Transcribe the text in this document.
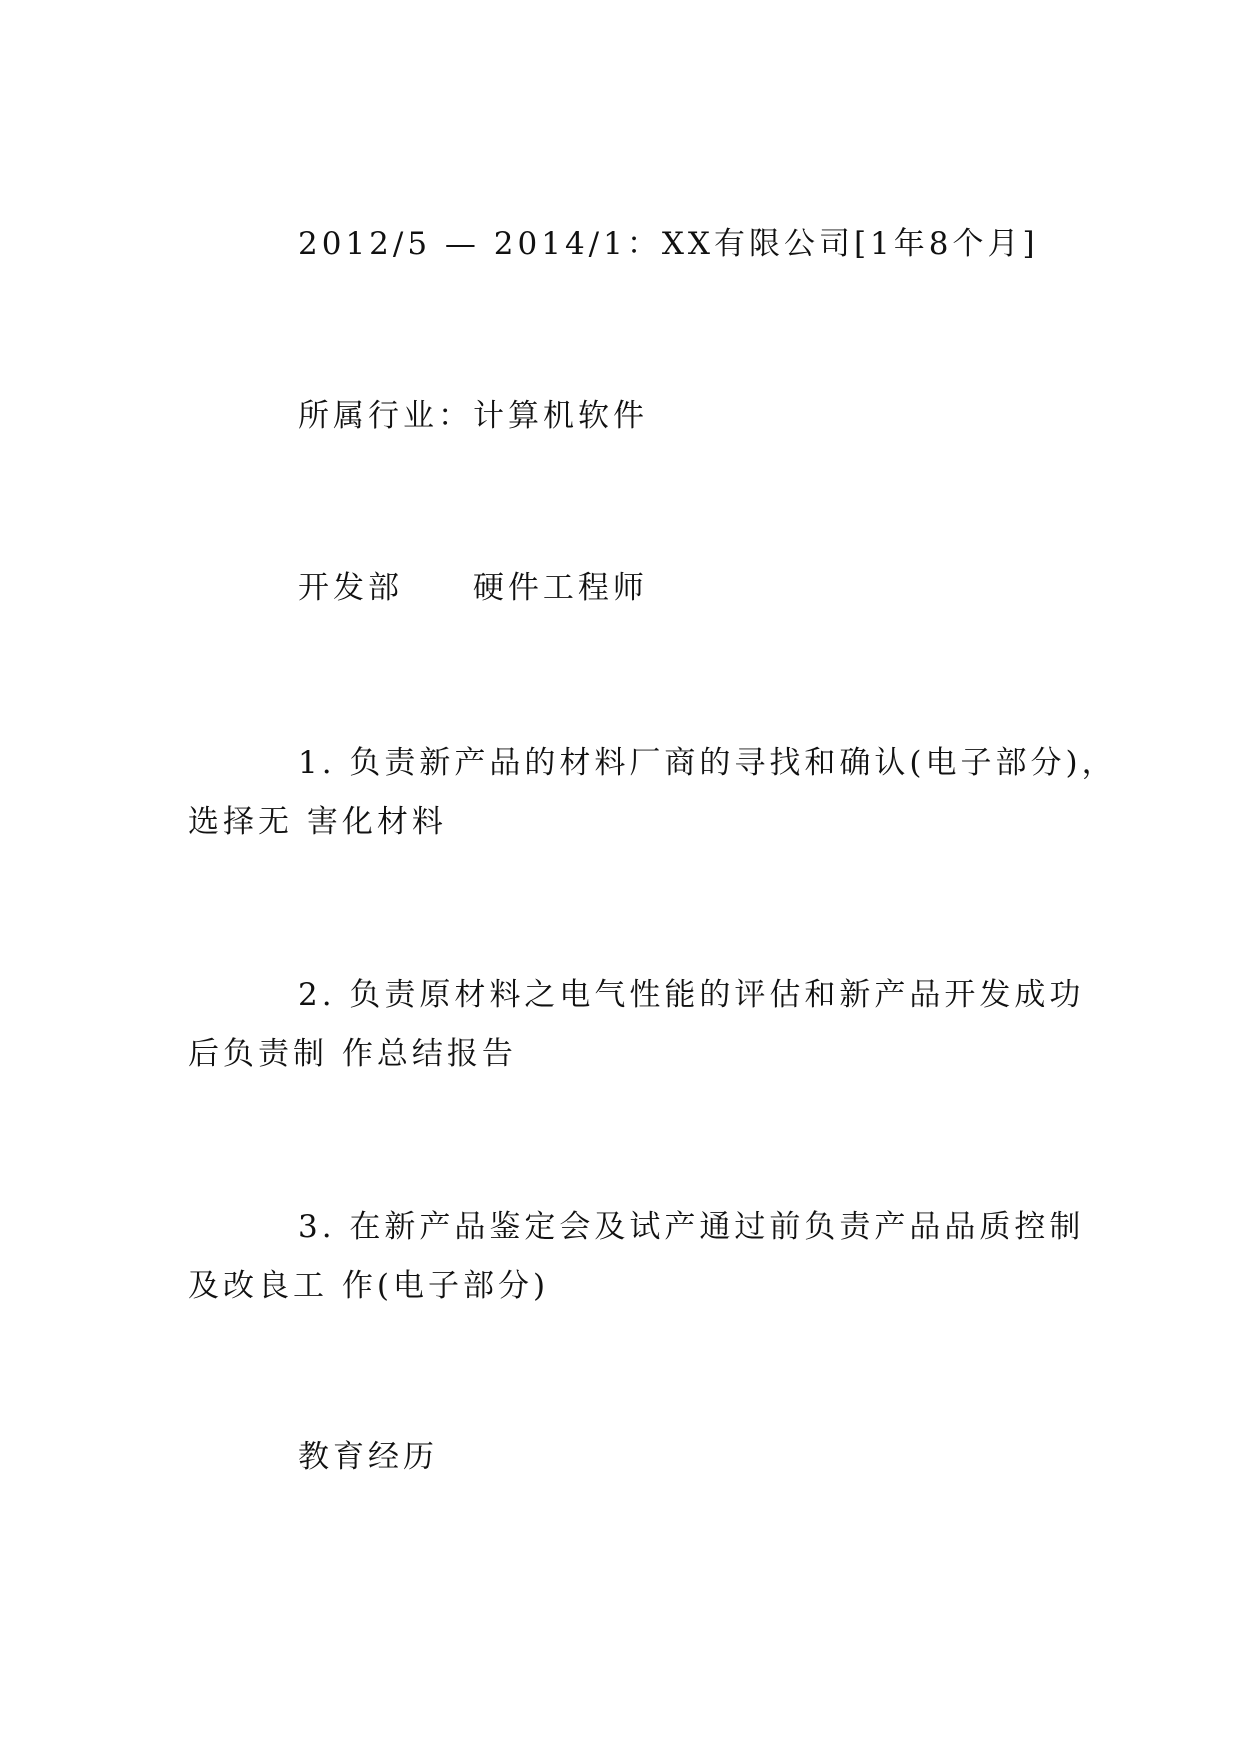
2012/5 — 2014/1：XX有限公司[1年8个月]
所属行业：计算机软件
开发部 硬件工程师
1. 负责新产品的材料厂商的寻找和确认(电子部分)，
选择无 害化材料
2. 负责原材料之电气性能的评估和新产品开发成功
后负责制 作总结报告
3. 在新产品鉴定会及试产通过前负责产品品质控制
及改良工 作(电子部分)
教育经历
